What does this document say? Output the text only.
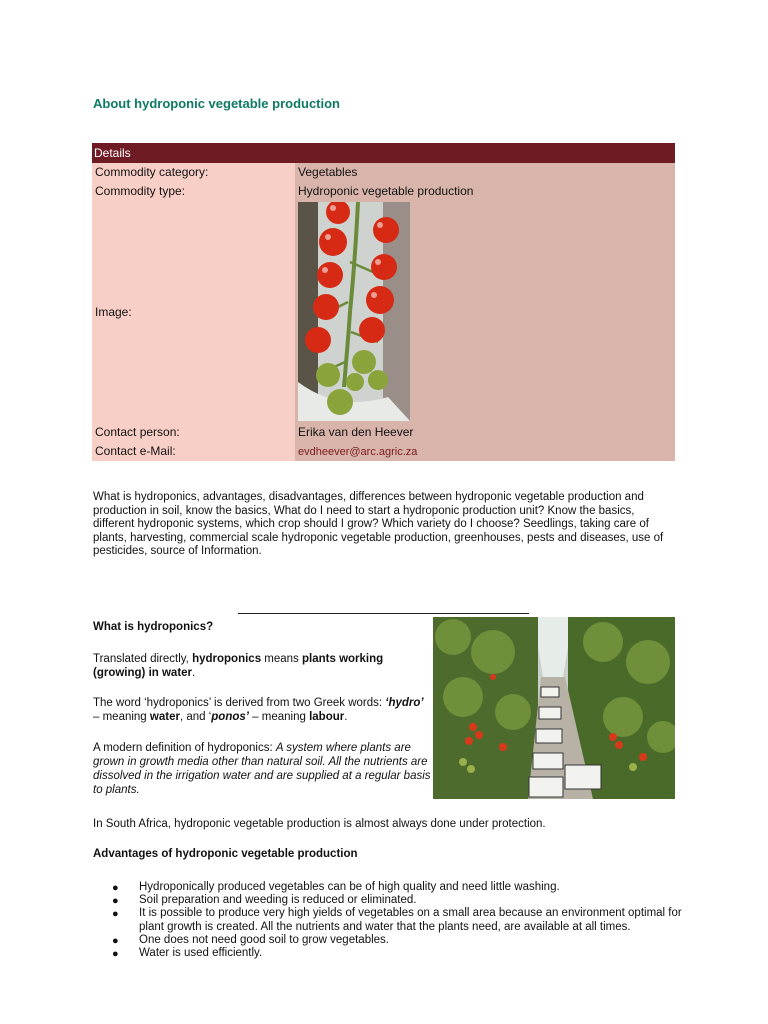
About hydroponic vegetable production
Details
Commodity category:	Vegetables
Commodity type:	Hydroponic vegetable production
Image:
Contact person:	Erika van den Heever
Contact e-Mail:	evdheever@arc.agric.za

What is hydroponics, advantages, disadvantages, differences between hydroponic vegetable production and production in soil, know the basics, What do I need to start a hydroponic production unit? Know the basics, different hydroponic systems, which crop should I grow? Which variety do I choose? Seedlings, taking care of plants, harvesting, commercial scale hydroponic vegetable production, greenhouses, pests and diseases, use of pesticides, source of Information.

What is hydroponics?

Translated directly, hydroponics means plants working (growing) in water.

The word ‘hydroponics’ is derived from two Greek words: ‘hydro’ – meaning water, and ‘ponos’ – meaning labour.

A modern definition of hydroponics: A system where plants are grown in growth media other than natural soil. All the nutrients are dissolved in the irrigation water and are supplied at a regular basis to plants.

In South Africa, hydroponic vegetable production is almost always done under protection.

Advantages of hydroponic vegetable production
● Hydroponically produced vegetables can be of high quality and need little washing.
● Soil preparation and weeding is reduced or eliminated.
● It is possible to produce very high yields of vegetables on a small area because an environment optimal for plant growth is created. All the nutrients and water that the plants need, are available at all times.
● One does not need good soil to grow vegetables.
● Water is used efficiently.
